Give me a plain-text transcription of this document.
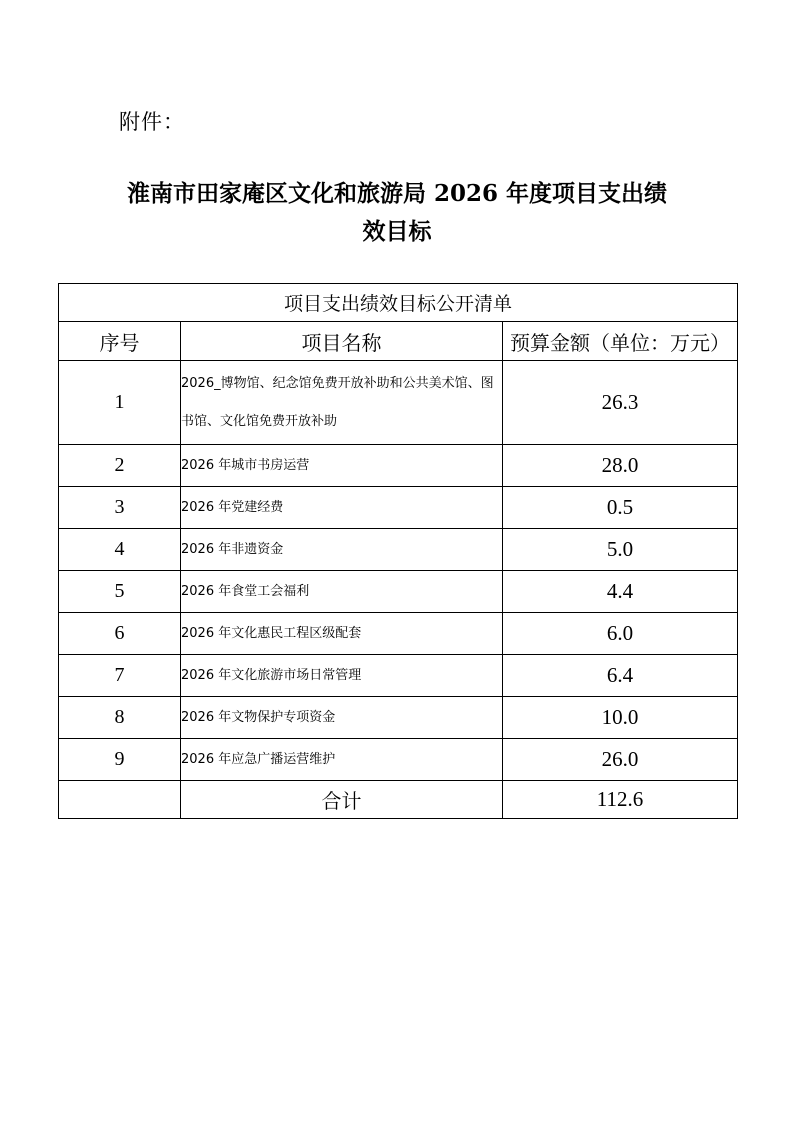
附件：
淮南市田家庵区文化和旅游局 2026 年度项目支出绩
效目标
项目支出绩效目标公开清单		
序号	项目名称	预算金额（单位：万元）
1	2026_博物馆、纪念馆免费开放补助和公共美术馆、图书馆、文化馆免费开放补助	26.3
2	2026 年城市书房运营	28.0
3	2026 年党建经费	0.5
4	2026 年非遗资金	5.0
5	2026 年食堂工会福利	4.4
6	2026 年文化惠民工程区级配套	6.0
7	2026 年文化旅游市场日常管理	6.4
8	2026 年文物保护专项资金	10.0
9	2026 年应急广播运营维护	26.0
	合计	112.6
